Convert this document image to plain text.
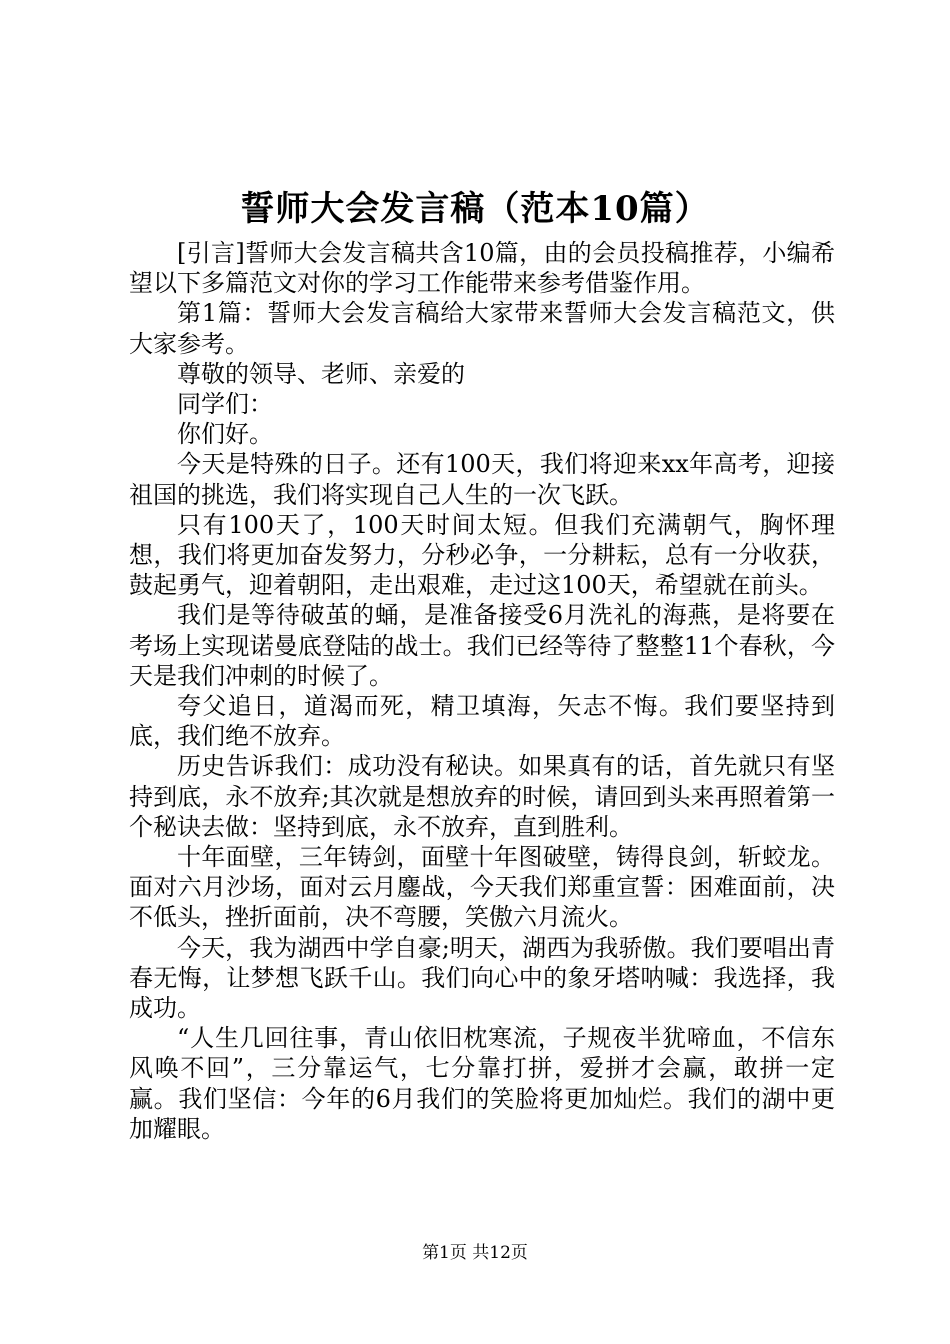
誓师大会发言稿（范本10篇）

[引言]誓师大会发言稿共含10篇，由的会员投稿推荐，小编希望以下多篇范文对你的学习工作能带来参考借鉴作用。

第1篇：誓师大会发言稿给大家带来誓师大会发言稿范文，供大家参考。

尊敬的领导、老师、亲爱的

同学们：

你们好。

今天是特殊的日子。还有100天，我们将迎来xx年高考，迎接祖国的挑选，我们将实现自己人生的一次飞跃。

只有100天了，100天时间太短。但我们充满朝气，胸怀理想，我们将更加奋发努力，分秒必争，一分耕耘，总有一分收获，鼓起勇气，迎着朝阳，走出艰难，走过这100天，希望就在前头。

我们是等待破茧的蛹，是准备接受6月洗礼的海燕，是将要在考场上实现诺曼底登陆的战士。我们已经等待了整整11个春秋，今天是我们冲刺的时候了。

夸父追日，道渴而死，精卫填海，矢志不悔。我们要坚持到底，我们绝不放弃。

历史告诉我们：成功没有秘诀。如果真有的话，首先就只有坚持到底，永不放弃;其次就是想放弃的时候，请回到头来再照着第一个秘诀去做：坚持到底，永不放弃，直到胜利。

十年面壁，三年铸剑，面壁十年图破壁，铸得良剑，斩蛟龙。面对六月沙场，面对云月鏖战，今天我们郑重宣誓：困难面前，决不低头，挫折面前，决不弯腰，笑傲六月流火。

今天，我为湖西中学自豪;明天，湖西为我骄傲。我们要唱出青春无悔，让梦想飞跃千山。我们向心中的象牙塔呐喊：我选择，我成功。

“人生几回往事，青山依旧枕寒流，子规夜半犹啼血，不信东风唤不回”，三分靠运气，七分靠打拼，爱拼才会赢，敢拼一定赢。我们坚信：今年的6月我们的笑脸将更加灿烂。我们的湖中更加耀眼。

第1页 共12页
